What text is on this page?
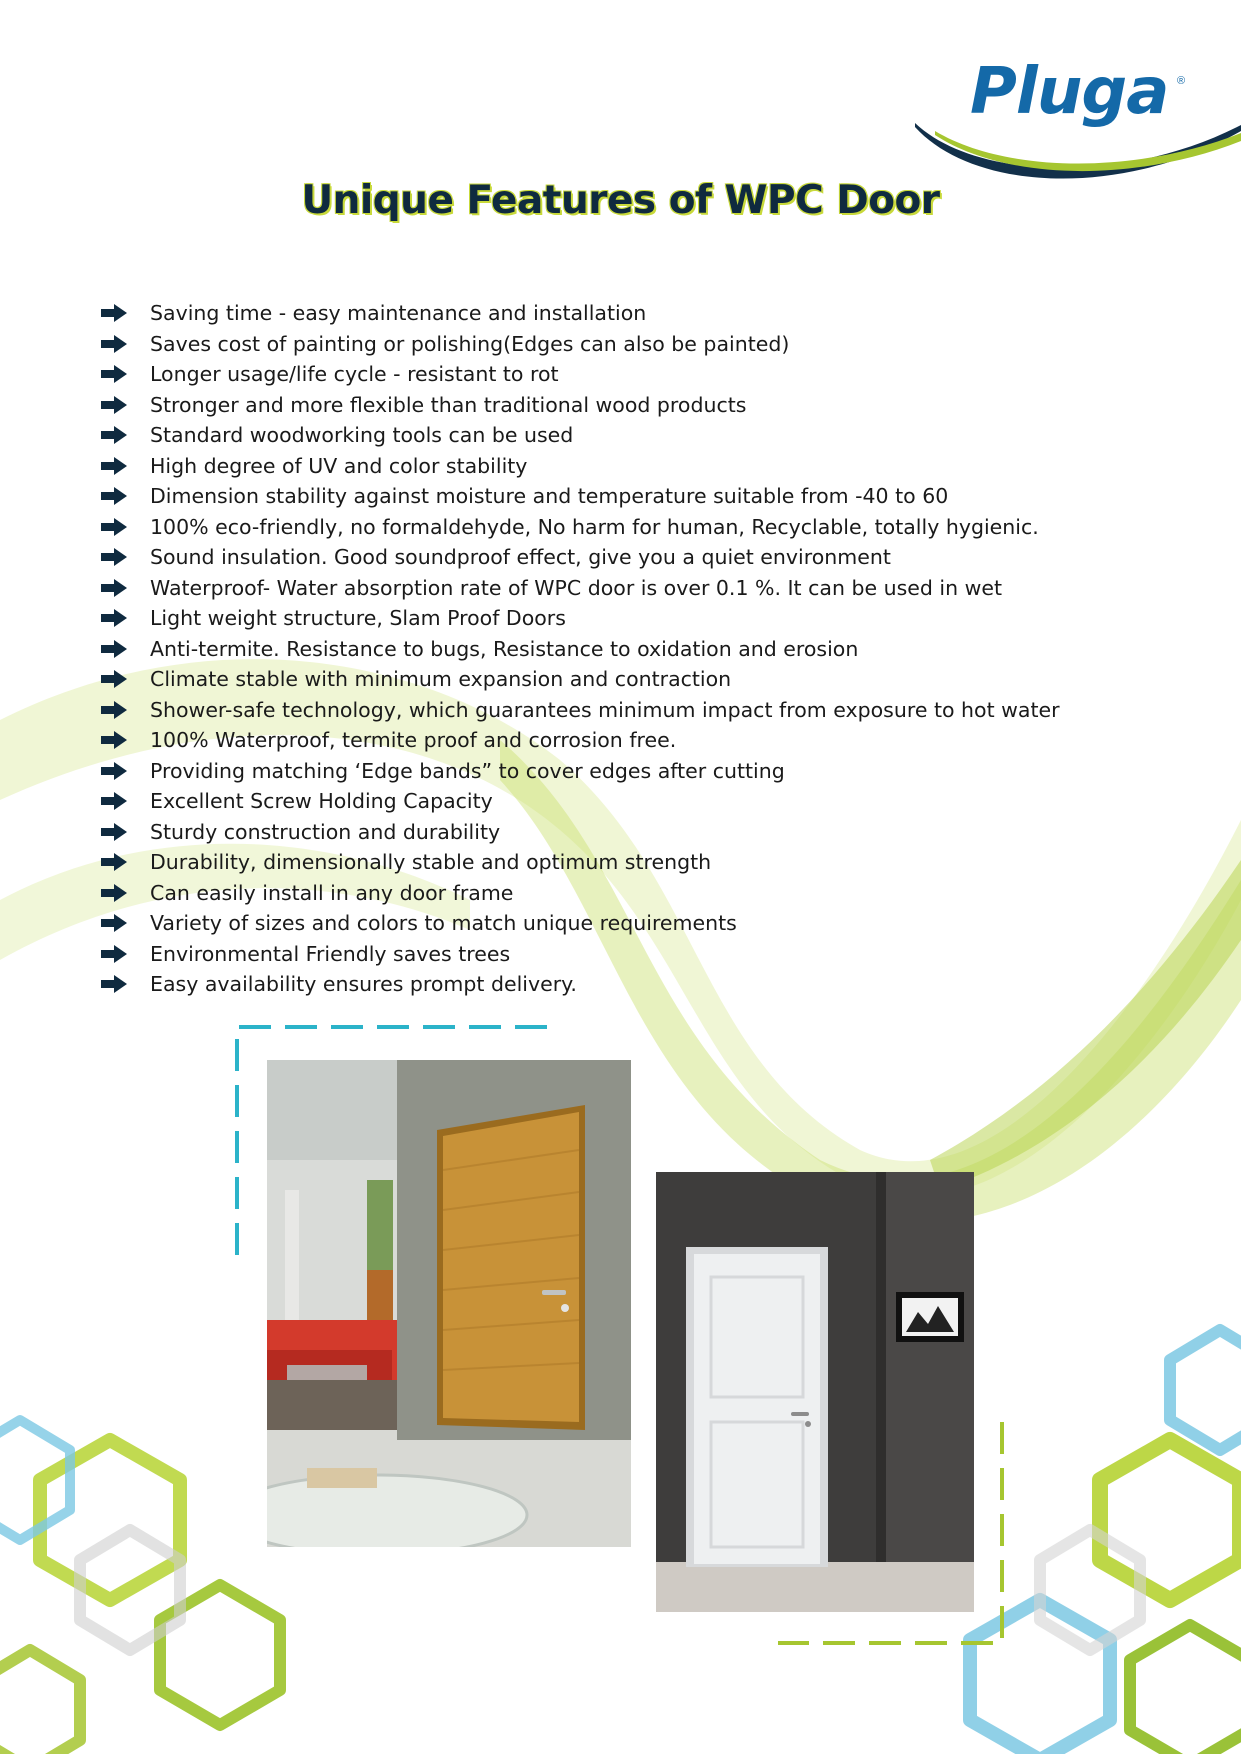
Pluga ®
Unique Features of WPC Door
Saving time - easy maintenance and installation
Saves cost of painting or polishing(Edges can also be painted)
Longer usage/life cycle - resistant to rot
Stronger and more flexible than traditional wood products
Standard woodworking tools can be used
High degree of UV and color stability
Dimension stability against moisture and temperature suitable from -40 to 60
100% eco-friendly, no formaldehyde, No harm for human, Recyclable, totally hygienic.
Sound insulation. Good soundproof effect, give you a quiet environment
Waterproof- Water absorption rate of WPC door is over 0.1 %. It can be used in wet
Light weight structure, Slam Proof Doors
Anti-termite. Resistance to bugs, Resistance to oxidation and erosion
Climate stable with minimum expansion and contraction
Shower-safe technology, which guarantees minimum impact from exposure to hot water
100% Waterproof, termite proof and corrosion free.
Providing matching ‘Edge bands” to cover edges after cutting
Excellent Screw Holding Capacity
Sturdy construction and durability
Durability, dimensionally stable and optimum strength
Can easily install in any door frame
Variety of sizes and colors to match unique requirements
Environmental Friendly saves trees
Easy availability ensures prompt delivery.
